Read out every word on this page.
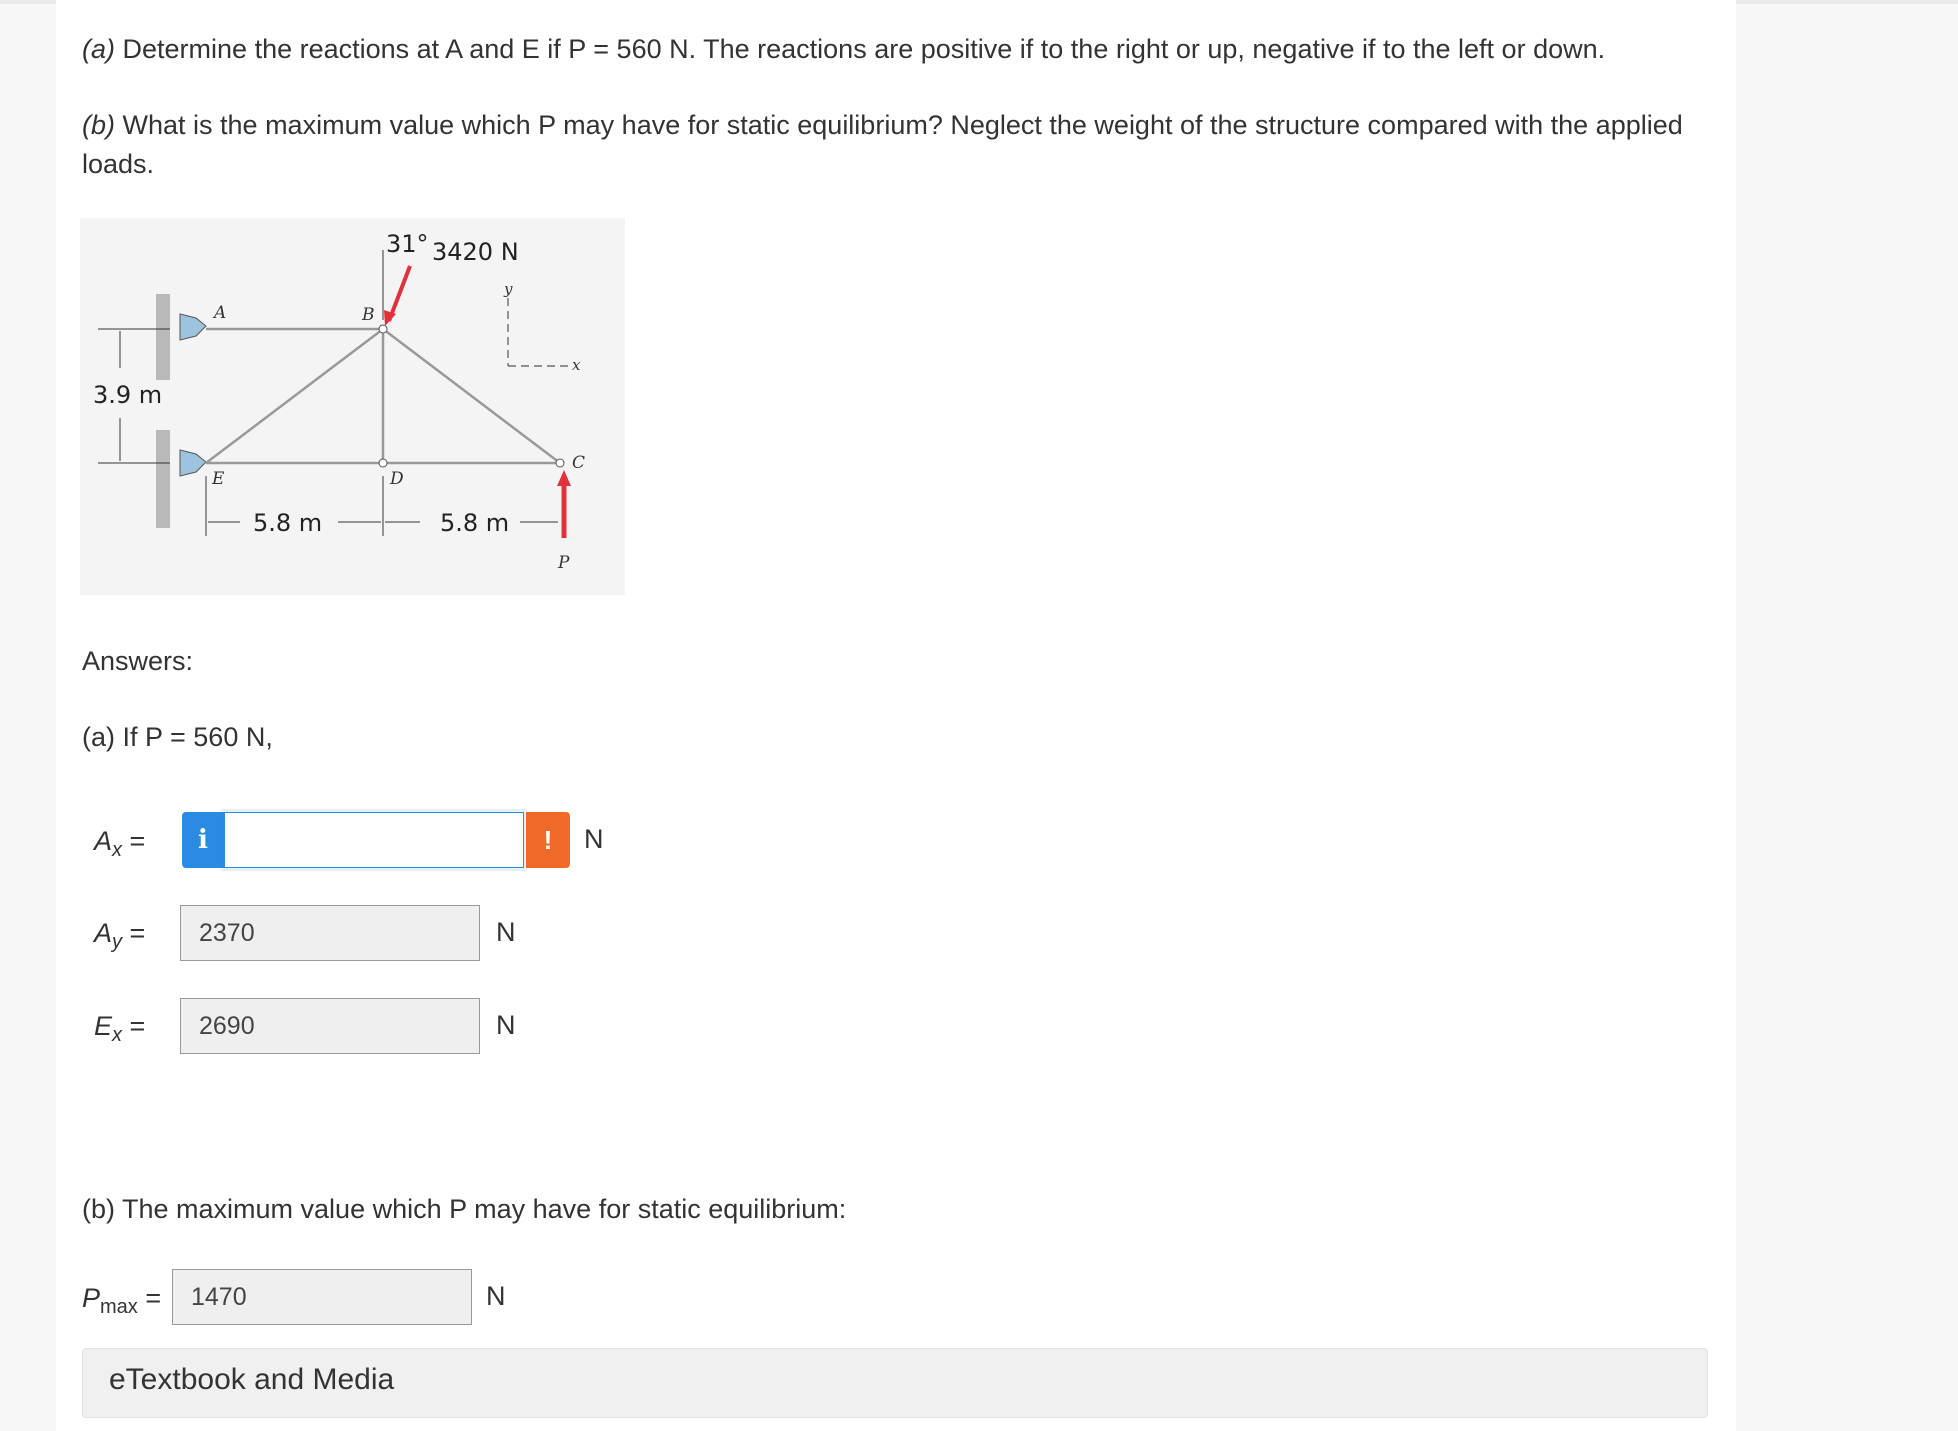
(a) Determine the reactions at A and E if P = 560 N. The reactions are positive if to the right or up, negative if to the left or down.
(b) What is the maximum value which P may have for static equilibrium? Neglect the weight of the structure compared with the applied loads.
31° 3420 N
P
A	B
C
D
E
y
x
3.9 m
5.8 m	5.8 m
Answers:
(a) If P = 560 N,
$A_x$ =	i	!	N
$A_y$ =	2370	N
$E_x$ =	2690	N
(b) The maximum value which P may have for static equilibrium:
$P_{max}$ =	1470	N
eTextbook and Media
